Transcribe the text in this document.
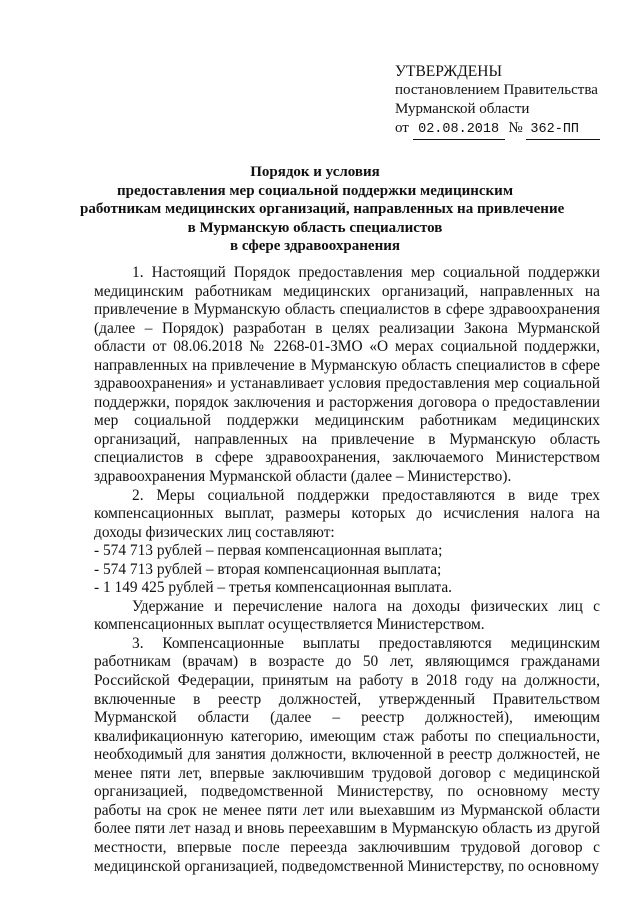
УТВЕРЖДЕНЫ
постановлением Правительства
Мурманской области
от 02.08.2018 № 362-ПП
Порядок и условия
предоставления мер социальной поддержки медицинским
работникам медицинских организаций, направленных на привлечение
в Мурманскую область специалистов
в сфере здравоохранения

1. Настоящий Порядок предоставления мер социальной поддержки медицинским работникам медицинских организаций, направленных на привлечение в Мурманскую область специалистов в сфере здравоохранения (далее – Порядок) разработан в целях реализации Закона Мурманской области от 08.06.2018 № 2268-01-ЗМО «О мерах социальной поддержки, направленных на привлечение в Мурманскую область специалистов в сфере здравоохранения» и устанавливает условия предоставления мер социальной поддержки, порядок заключения и расторжения договора о предоставлении мер социальной поддержки медицинским работникам медицинских организаций, направленных на привлечение в Мурманскую область специалистов в сфере здравоохранения, заключаемого Министерством здравоохранения Мурманской области (далее – Министерство).

2. Меры социальной поддержки предоставляются в виде трех компенсационных выплат, размеры которых до исчисления налога на доходы физических лиц составляют:

- 574 713 рублей – первая компенсационная выплата;

- 574 713 рублей – вторая компенсационная выплата;

- 1 149 425 рублей – третья компенсационная выплата.

Удержание и перечисление налога на доходы физических лиц с компенсационных выплат осуществляется Министерством.

3. Компенсационные выплаты предоставляются медицинским работникам (врачам) в возрасте до 50 лет, являющимся гражданами Российской Федерации, принятым на работу в 2018 году на должности, включенные в реестр должностей, утвержденный Правительством Мурманской области (далее – реестр должностей), имеющим квалификационную категорию, имеющим стаж работы по специальности, необходимый для занятия должности, включенной в реестр должностей, не менее пяти лет, впервые заключившим трудовой договор с медицинской организацией, подведомственной Министерству, по основному месту работы на срок не менее пяти лет или выехавшим из Мурманской области более пяти лет назад и вновь переехавшим в Мурманскую область из другой местности, впервые после переезда заключившим трудовой договор с медицинской организацией, подведомственной Министерству, по основному
